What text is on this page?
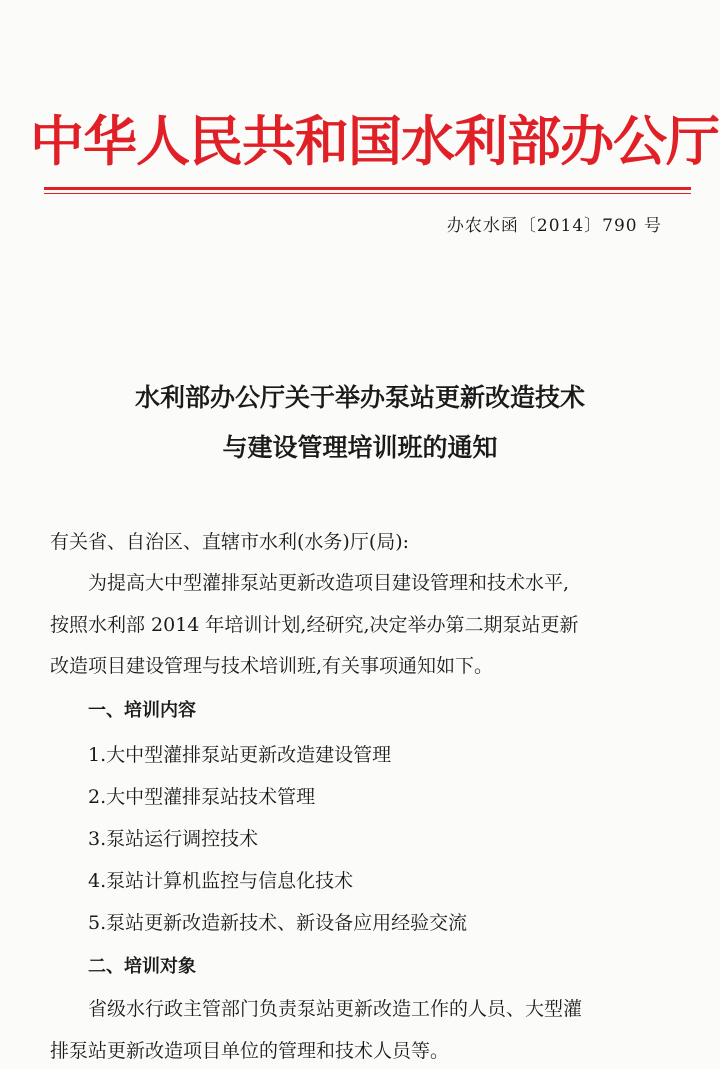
中华人民共和国水利部办公厅
办农水函〔2014〕790 号
水利部办公厅关于举办泵站更新改造技术
与建设管理培训班的通知
有关省、自治区、直辖市水利(水务)厅(局):
为提高大中型灌排泵站更新改造项目建设管理和技术水平,
按照水利部 2014 年培训计划,经研究,决定举办第二期泵站更新
改造项目建设管理与技术培训班,有关事项通知如下。
一、培训内容
1.大中型灌排泵站更新改造建设管理
2.大中型灌排泵站技术管理
3.泵站运行调控技术
4.泵站计算机监控与信息化技术
5.泵站更新改造新技术、新设备应用经验交流
二、培训对象
省级水行政主管部门负责泵站更新改造工作的人员、大型灌
排泵站更新改造项目单位的管理和技术人员等。
